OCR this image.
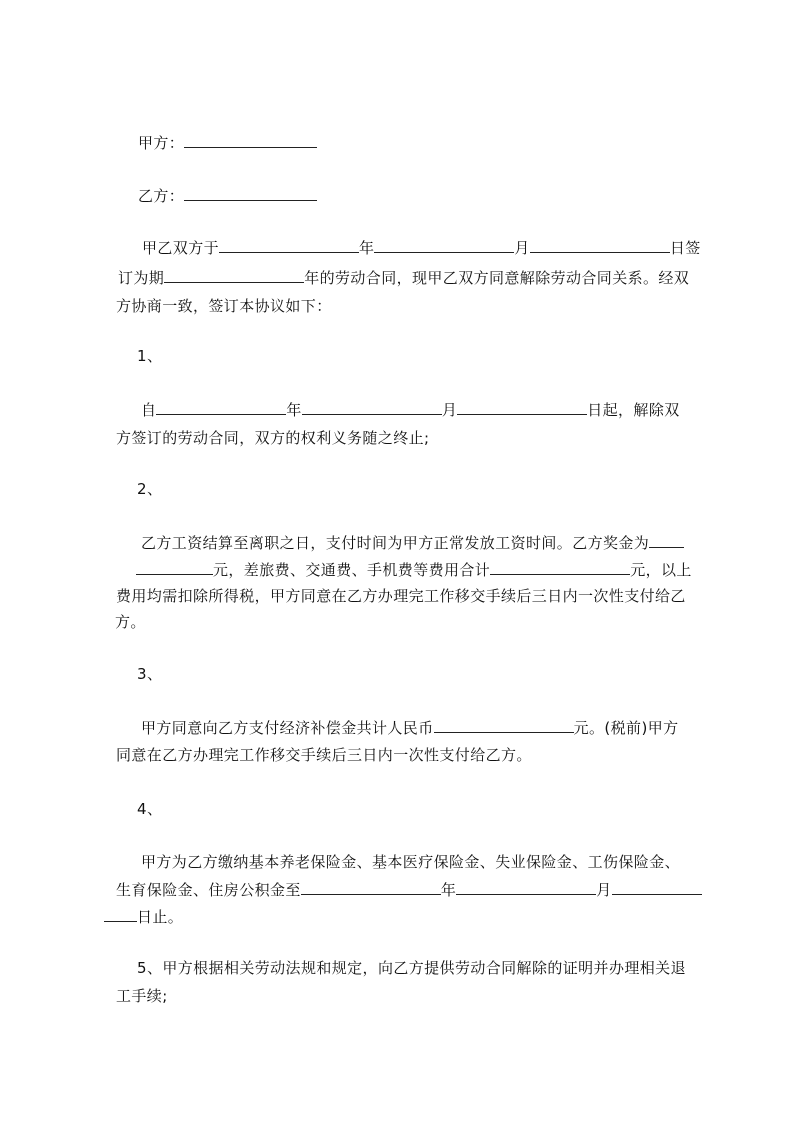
甲方：
乙方：
甲乙双方于	年	月	日签
订为期	年的劳动合同，现甲乙双方同意解除劳动合同关系。经双
方协商一致，签订本协议如下：
1、
自	年	月	日起，解除双
方签订的劳动合同，双方的权利义务随之终止;
2、
乙方工资结算至离职之日，支付时间为甲方正常发放工资时间。乙方奖金为
元，差旅费、交通费、手机费等费用合计	元，以上
费用均需扣除所得税，甲方同意在乙方办理完工作移交手续后三日内一次性支付给乙
方。
3、
甲方同意向乙方支付经济补偿金共计人民币	元。(税前)甲方
同意在乙方办理完工作移交手续后三日内一次性支付给乙方。
4、
甲方为乙方缴纳基本养老保险金、基本医疗保险金、失业保险金、工伤保险金、
生育保险金、住房公积金至	年	月
日止。
5、甲方根据相关劳动法规和规定，向乙方提供劳动合同解除的证明并办理相关退
工手续;
